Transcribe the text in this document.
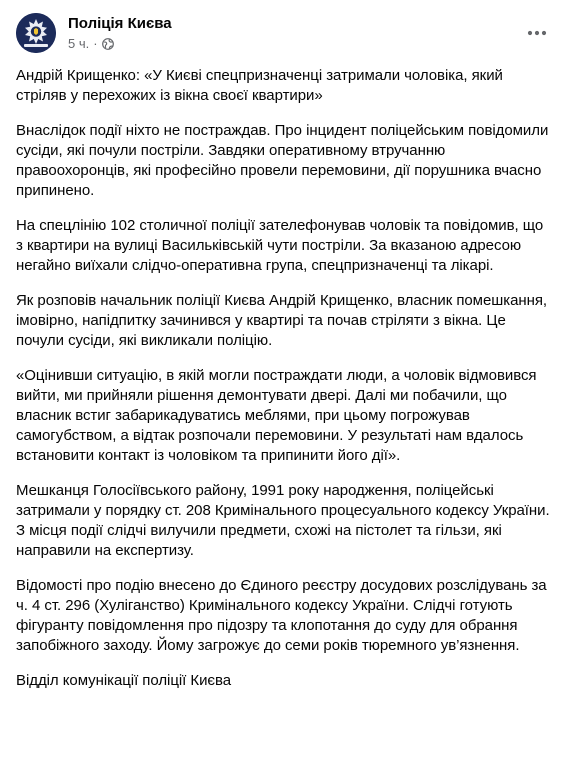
Поліція Києва
5 ч. ·

Андрій Крищенко: «У Києві спецпризначенці затримали чоловіка, який стріляв у перехожих із вікна своєї квартири»

Внаслідок події ніхто не постраждав. Про інцидент поліцейським повідомили сусіди, які почули постріли. Завдяки оперативному втручанню правоохоронців, які професійно провели перемовини, дії порушника вчасно припинено.

На спецлінію 102 столичної поліції зателефонував чоловік та повідомив, що з квартири на вулиці Васильківській чути постріли. За вказаною адресою негайно виїхали слідчо-оперативна група, спецпризначенці та лікарі.

Як розповів начальник поліції Києва Андрій Крищенко, власник помешкання, імовірно, напідпитку зачинився у квартирі та почав стріляти з вікна. Це почули сусіди, які викликали поліцію.

«Оцінивши ситуацію, в якій могли постраждати люди, а чоловік відмовився вийти, ми прийняли рішення демонтувати двері. Далі ми побачили, що власник встиг забарикадуватись меблями, при цьому погрожував самогубством, а відтак розпочали перемовини. У результаті нам вдалось встановити контакт із чоловіком та припинити його дії».

Мешканця Голосіївського району, 1991 року народження, поліцейські затримали у порядку ст. 208 Кримінального процесуального кодексу України. З місця події слідчі вилучили предмети, схожі на пістолет та гільзи, які направили на експертизу.

Відомості про подію внесено до Єдиного реєстру досудових розслідувань за ч. 4 ст. 296 (Хуліганство) Кримінального кодексу України. Слідчі готують фігуранту повідомлення про підозру та клопотання до суду для обрання запобіжного заходу. Йому загрожує до семи років тюремного ув’язнення.

Відділ комунікації поліції Києва
